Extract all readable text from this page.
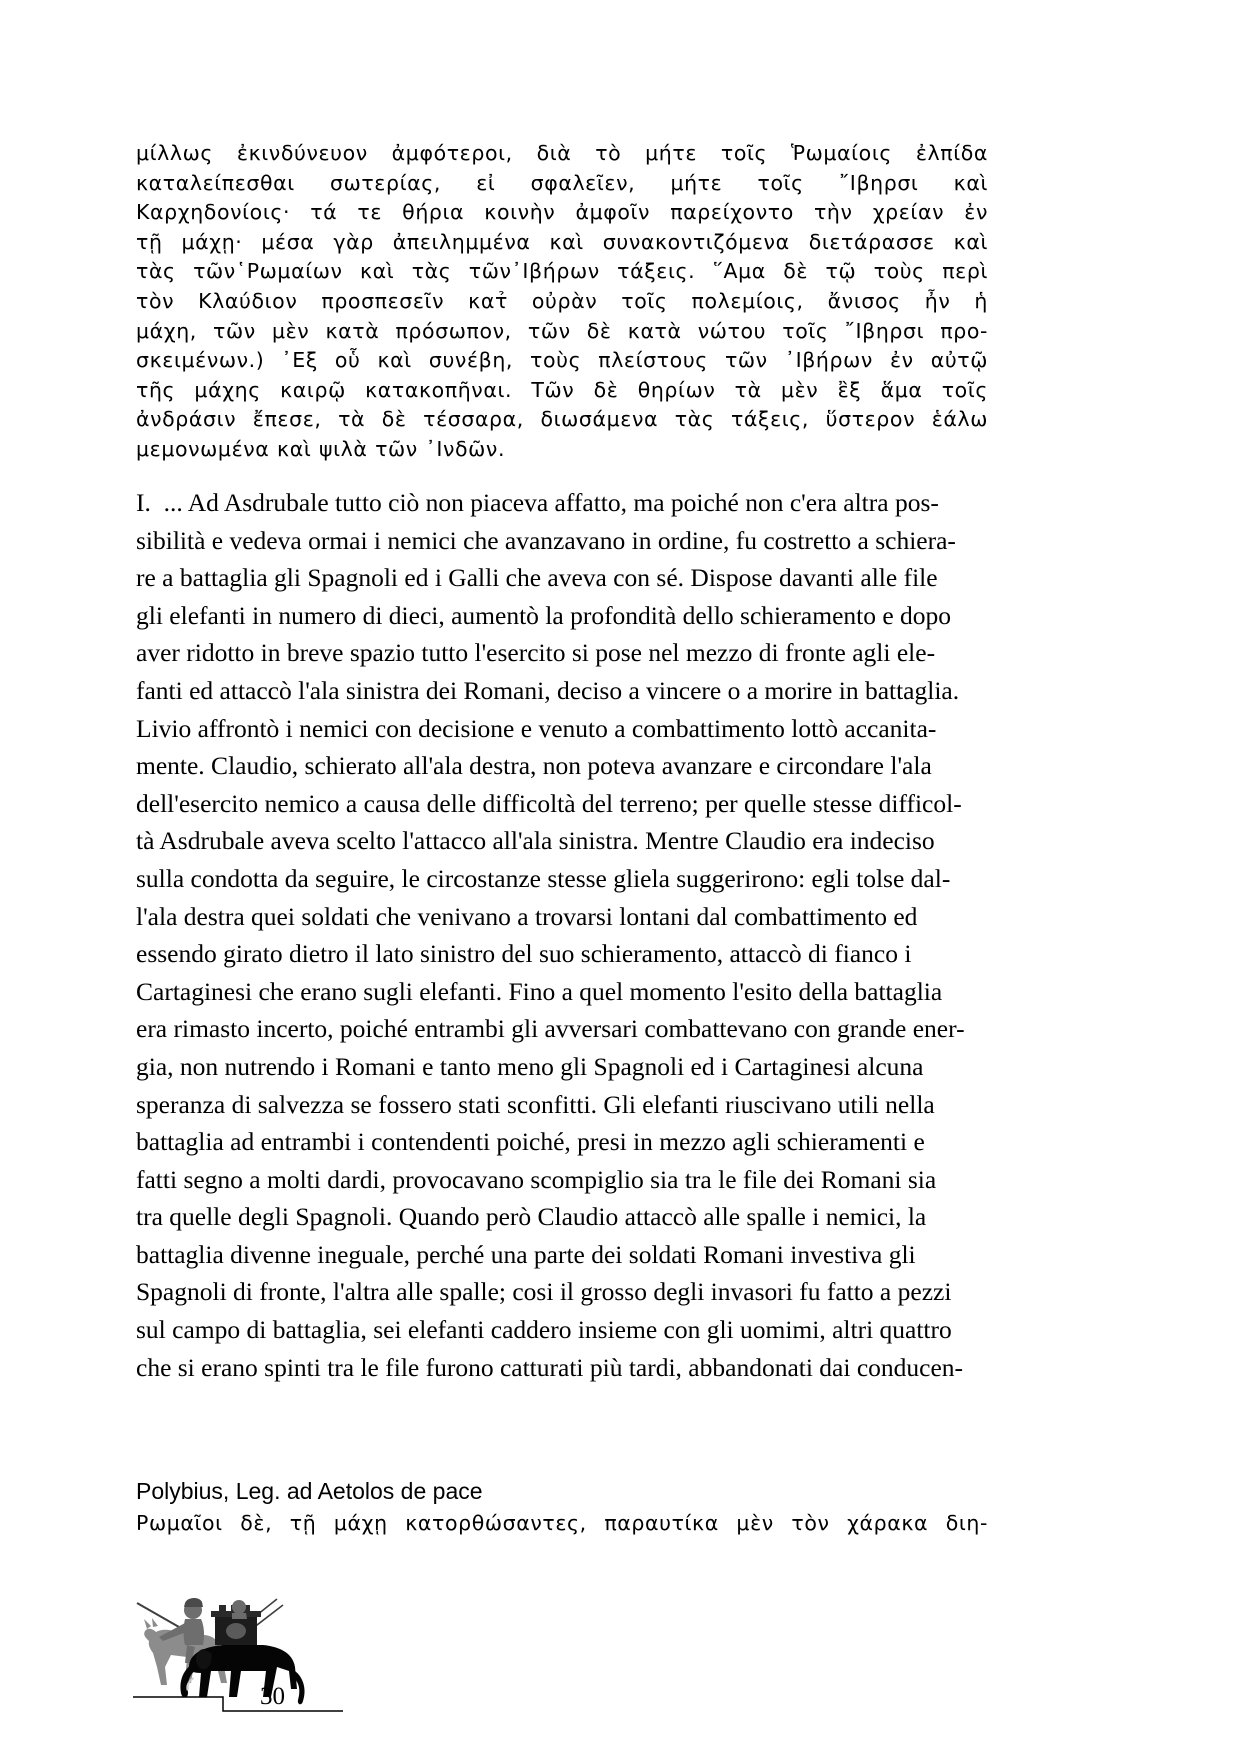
μίλλως ἐκινδύνευον ἀμφότεροι, διὰ τὸ μήτε τοῖς Ῥωμαίοις ἐλπίδα
καταλείπεσθαι σωτερίας, εἰ σφαλεῖεν, μήτε τοῖς ῎Ιβηρσι καὶ
Καρχηδονίοις· τά τε θήρια κοινὴν ἀμφοῖν παρείχοντο τὴν χρείαν ἐν
τῇ μάχῃ· μέσα γὰρ ἀπειλημμένα καὶ συνακοντιζόμενα διετάρασσε καὶ
τὰς τῶν῾Ρωμαίων καὶ τὰς τῶν᾿Ιβήρων τάξεις. ῞Αμα δὲ τῷ τοὺς περὶ
τὸν Κλαύδιον προσπεσεῖν κατ̉ οὐρὰν τοῖς πολεμίοις, ἄνισος ἦν ἡ
μάχη, τῶν μὲν κατὰ πρόσωπον, τῶν δὲ κατὰ νώτου τοῖς ῎Ιβηρσι προ-
σκειμένων.) ᾿Εξ οὗ καὶ συνέβη, τοὺς πλείστους τῶν ᾿Ιβήρων ἐν αὐτῷ
τῆς μάχης καιρῷ κατακοπῆναι. Τῶν δὲ θηρίων τὰ μὲν ἒξ ἅμα τοῖς
ἀνδράσιν ἔπεσε, τὰ δὲ τέσσαρα, διωσάμενα τὰς τάξεις, ὕστερον ἑάλω
μεμονωμένα καὶ ψιλὰ τῶν ᾿Ινδῶν.
I.  ... Ad Asdrubale tutto ciò non piaceva affatto, ma poiché non c'era altra pos-
sibilità e vedeva ormai i nemici che avanzavano in ordine, fu costretto a schiera-
re a battaglia gli Spagnoli ed i Galli che aveva con sé. Dispose davanti alle file
gli elefanti in numero di dieci, aumentò la profondità dello schieramento e dopo
aver ridotto in breve spazio tutto l'esercito si pose nel mezzo di fronte agli ele-
fanti ed attaccò l'ala sinistra dei Romani, deciso a vincere o a morire in battaglia.
Livio affrontò i nemici con decisione e venuto a combattimento lottò accanita-
mente. Claudio, schierato all'ala destra, non poteva avanzare e circondare l'ala
dell'esercito nemico a causa delle difficoltà del terreno; per quelle stesse difficol-
tà Asdrubale aveva scelto l'attacco all'ala sinistra. Mentre Claudio era indeciso
sulla condotta da seguire, le circostanze stesse gliela suggerirono: egli tolse dal-
l'ala destra quei soldati che venivano a trovarsi lontani dal combattimento ed
essendo girato dietro il lato sinistro del suo schieramento, attaccò di fianco i
Cartaginesi che erano sugli elefanti. Fino a quel momento l'esito della battaglia
era rimasto incerto, poiché entrambi gli avversari combattevano con grande ener-
gia, non nutrendo i Romani e tanto meno gli Spagnoli ed i Cartaginesi alcuna
speranza di salvezza se fossero stati sconfitti. Gli elefanti riuscivano utili nella
battaglia ad entrambi i contendenti poiché, presi in mezzo agli schieramenti e
fatti segno a molti dardi, provocavano scompiglio sia tra le file dei Romani sia
tra quelle degli Spagnoli. Quando però Claudio attaccò alle spalle i nemici, la
battaglia divenne ineguale, perché una parte dei soldati Romani investiva gli
Spagnoli di fronte, l'altra alle spalle; cosi il grosso degli invasori fu fatto a pezzi
sul campo di battaglia, sei elefanti caddero insieme con gli uomimi, altri quattro
che si erano spinti tra le file furono catturati più tardi, abbandonati dai conducen-
Polybius, Leg. ad Aetolos de pace
Ρωμαῖοι δὲ, τῇ μάχῃ κατορθώσαντες, παραυτίκα μὲν τὸν χάρακα διη-
30
